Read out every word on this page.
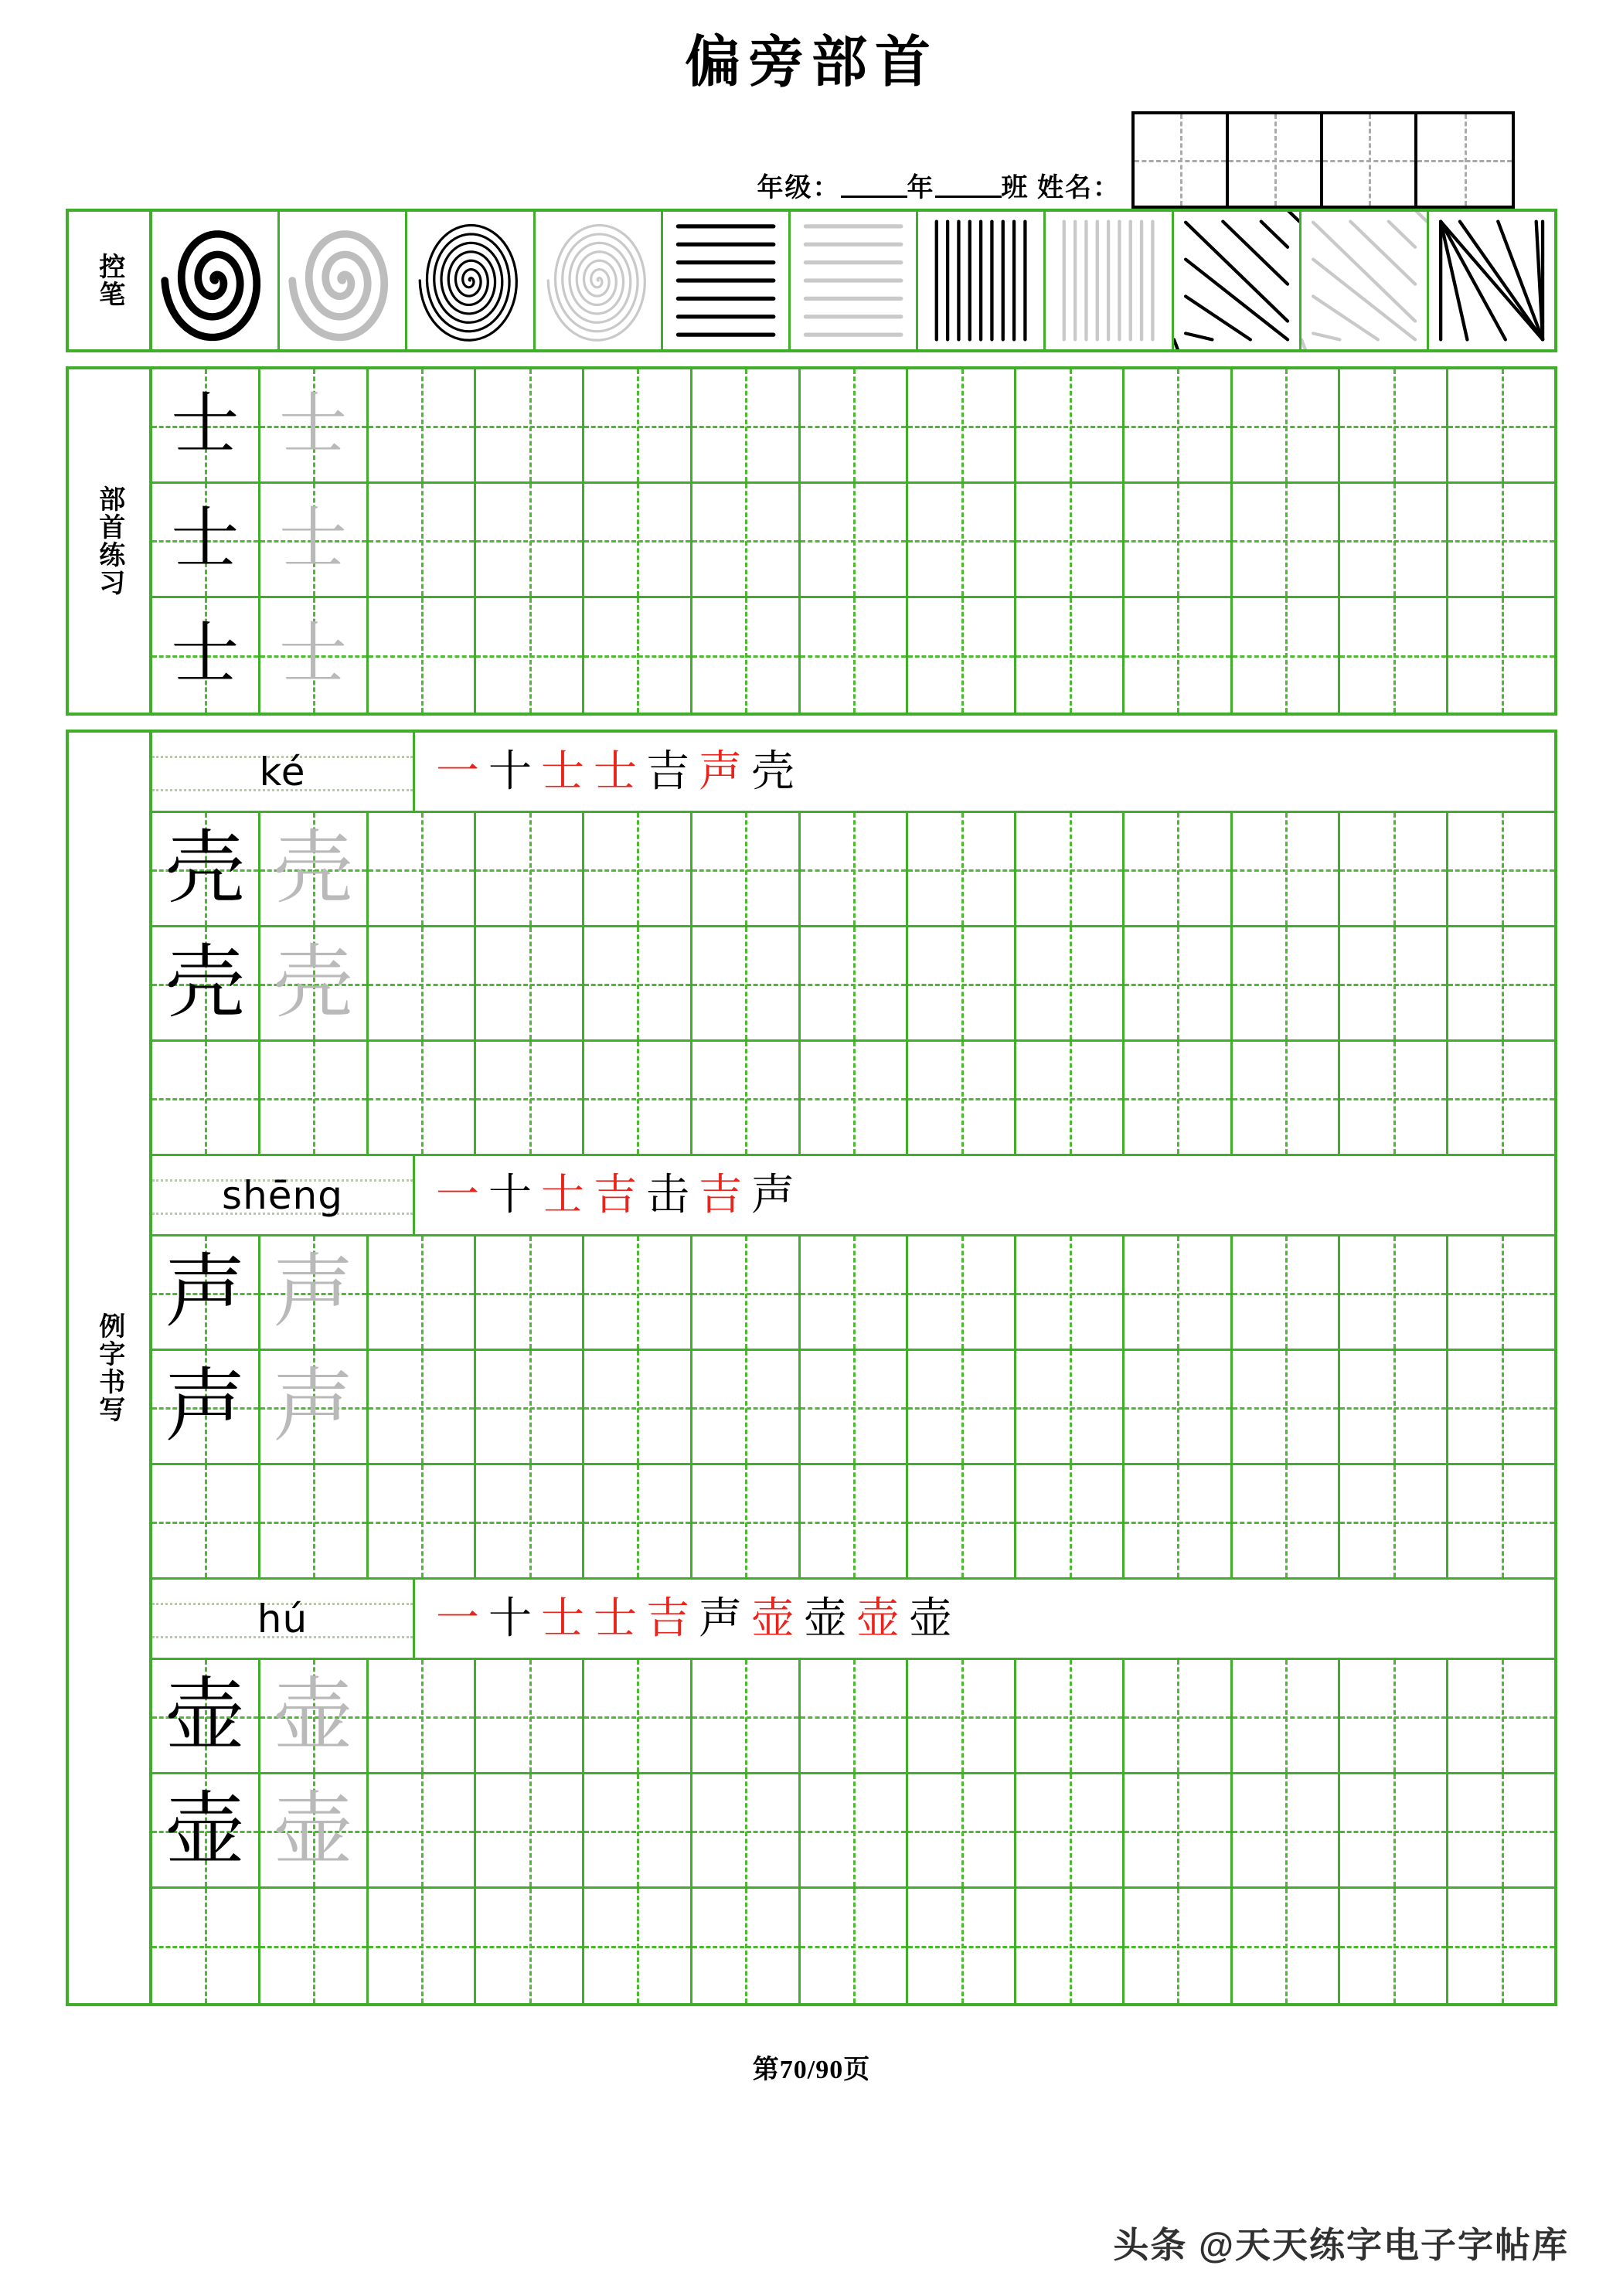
偏旁部首
年级：	年	班 姓名：
控笔
部首练习
士 士
士 士
士 士
例字书写
ké	一 十 士 士 吉 声 壳
壳 壳
壳 壳
shēng 一 十 士 吉 击 吉 声
声 声
声 声
hú	一 十 士 士 吉 声 壶 壶 壶 壶
壶 壶
壶 壶
第70/90页
头条 @天天练字电子字帖库
